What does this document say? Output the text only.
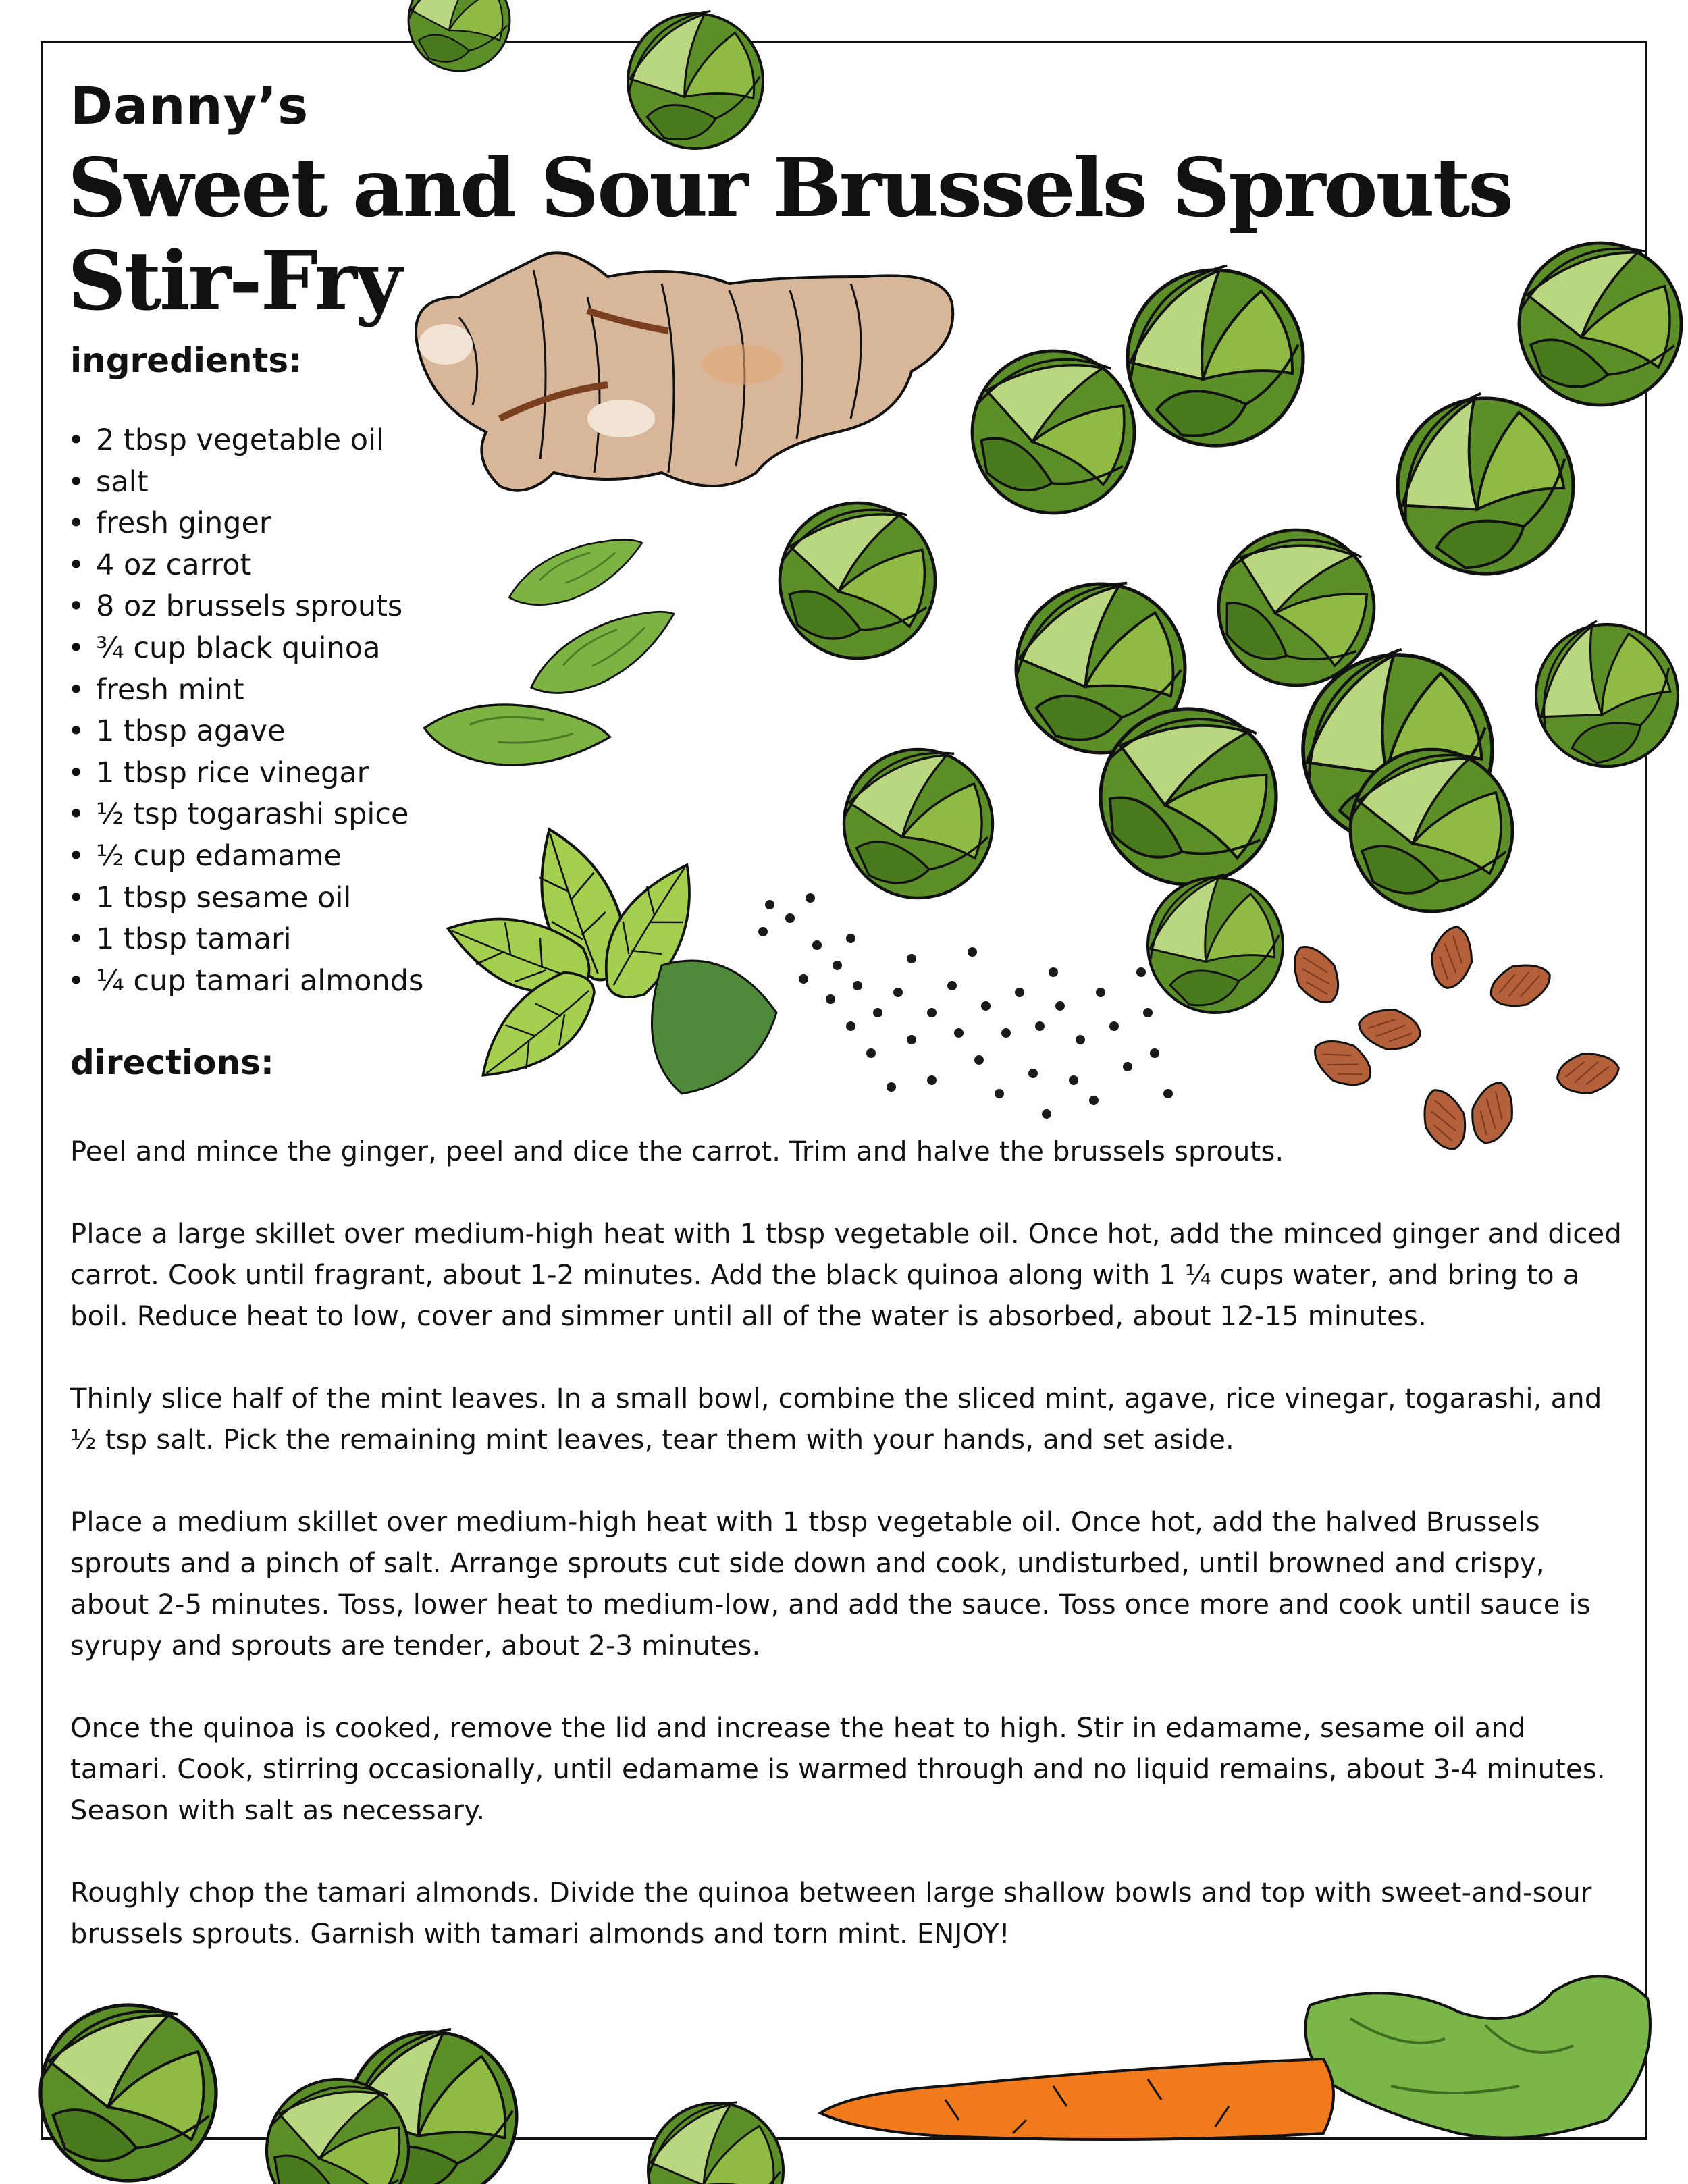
Danny’s
Sweet and Sour Brussels Sprouts Stir-Fry
ingredients:
• 2 tbsp vegetable oil
• salt
• fresh ginger
• 4 oz carrot
• 8 oz brussels sprouts
• ¾ cup black quinoa
• fresh mint
• 1 tbsp agave
• 1 tbsp rice vinegar
• ½ tsp togarashi spice
• ½ cup edamame
• 1 tbsp sesame oil
• 1 tbsp tamari
• ¼ cup tamari almonds
directions:

Peel and mince the ginger, peel and dice the carrot. Trim and halve the brussels sprouts.

Place a large skillet over medium-high heat with 1 tbsp vegetable oil. Once hot, add the minced ginger and diced carrot. Cook until fragrant, about 1-2 minutes. Add the black quinoa along with 1 ¼ cups water, and bring to a boil. Reduce heat to low, cover and simmer until all of the water is absorbed, about 12-15 minutes.

Thinly slice half of the mint leaves. In a small bowl, combine the sliced mint, agave, rice vinegar, togarashi, and ½ tsp salt. Pick the remaining mint leaves, tear them with your hands, and set aside.

Place a medium skillet over medium-high heat with 1 tbsp vegetable oil. Once hot, add the halved Brussels sprouts and a pinch of salt. Arrange sprouts cut side down and cook, undisturbed, until browned and crispy, about 2-5 minutes. Toss, lower heat to medium-low, and add the sauce. Toss once more and cook until sauce is syrupy and sprouts are tender, about 2-3 minutes.

Once the quinoa is cooked, remove the lid and increase the heat to high. Stir in edamame, sesame oil and tamari. Cook, stirring occasionally, until edamame is warmed through and no liquid remains, about 3-4 minutes. Season with salt as necessary.

Roughly chop the tamari almonds. Divide the quinoa between large shallow bowls and top with sweet-and-sour brussels sprouts. Garnish with tamari almonds and torn mint. ENJOY!
